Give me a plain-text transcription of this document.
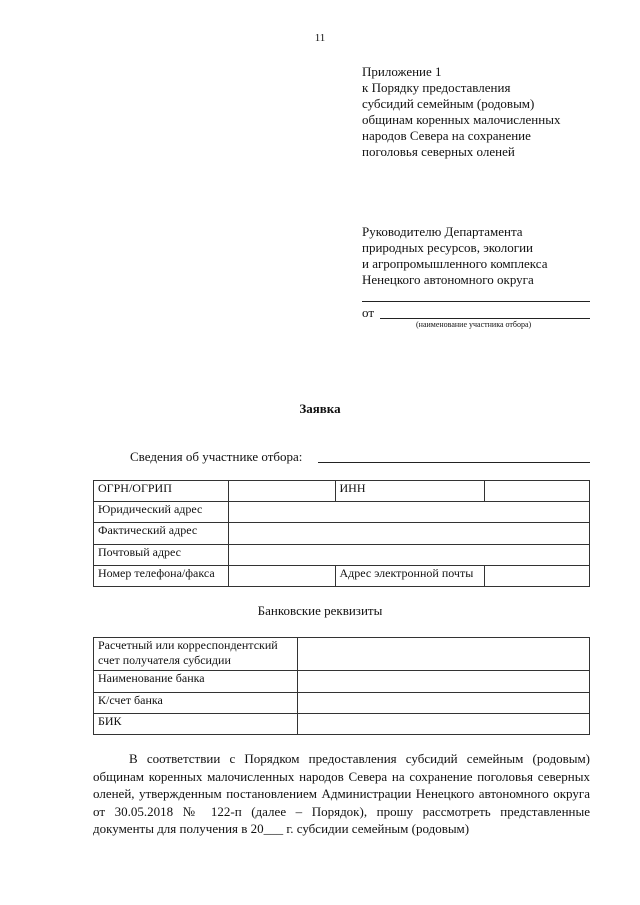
11
Приложение 1
к Порядку предоставления
субсидий семейным (родовым)
общинам коренных малочисленных
народов Севера на сохранение
поголовья северных оленей
Руководителю Департамента
природных ресурсов, экологии
и агропромышленного комплекса
Ненецкого автономного округа
от
(наименование участника отбора)
Заявка
Сведения об участнике отбора:
ОГРН/ОГРИП		ИНН	
Юридический адрес			
Фактический адрес			
Почтовый адрес			
Номер телефона/факса		Адрес электронной почты	
Банковские реквизиты
Расчетный или корреспондентский
счет получателя субсидии	

Наименование банка	
К/счет банка	
БИК	
В соответствии с Порядком предоставления субсидий семейным (родовым) общинам коренных малочисленных народов Севера на сохранение поголовья северных оленей, утвержденным постановлением Администрации Ненецкого автономного округа от 30.05.2018 № 122-п (далее – Порядок), прошу рассмотреть представленные документы для получения в 20___ г. субсидии семейным (родовым)
